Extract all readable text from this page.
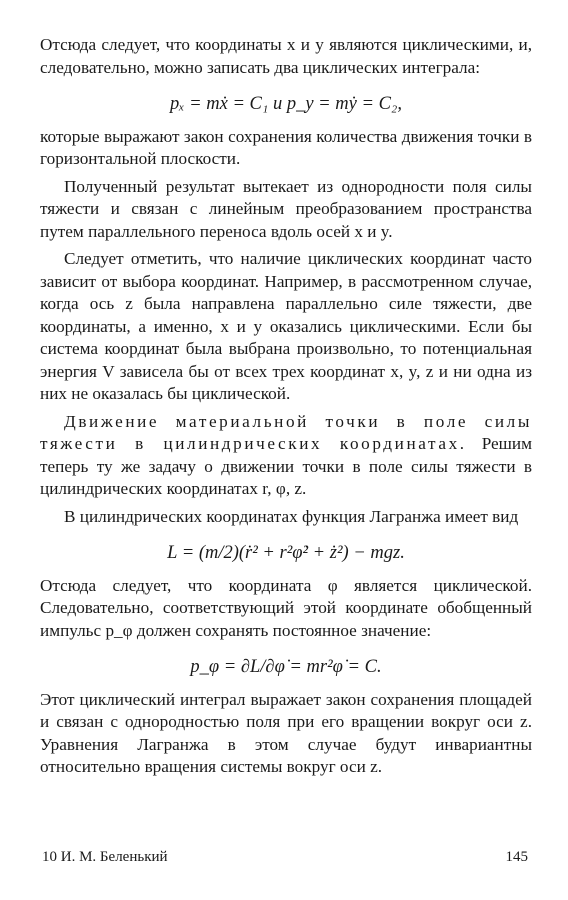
Отсюда следует, что координаты x и y являются циклическими, и, следовательно, можно записать два циклических интеграла:

pₓ = mẋ = C₁ и p_y = mẏ = C₂,

которые выражают закон сохранения количества движения точки в горизонтальной плоскости.

Полученный результат вытекает из однородности поля силы тяжести и связан с линейным преобразованием пространства путем параллельного переноса вдоль осей x и y.

Следует отметить, что наличие циклических координат часто зависит от выбора координат. Например, в рассмотренном случае, когда ось z была направлена параллельно силе тяжести, две координаты, а именно, x и y оказались циклическими. Если бы система координат была выбрана произвольно, то потенциальная энергия V зависела бы от всех трех координат x, y, z и ни одна из них не оказалась бы циклической.

Движение материальной точки в поле силы тяжести в цилиндрических координатах. Решим теперь ту же задачу о движении точки в поле силы тяжести в цилиндрических координатах r, φ, z.

В цилиндрических координатах функция Лагранжа имеет вид

L = (m/2)(ṙ² + r²φ̇² + ż²) − mgz.

Отсюда следует, что координата φ является циклической. Следовательно, соответствующий этой координате обобщенный импульс p_φ должен сохранять постоянное значение:

p_φ = ∂L/∂φ̇ = mr²φ̇ = C.

Этот циклический интеграл выражает закон сохранения площадей и связан с однородностью поля при его вращении вокруг оси z. Уравнения Лагранжа в этом случае будут инвариантны относительно вращения системы вокруг оси z.

10 И. М. Беленький	145
